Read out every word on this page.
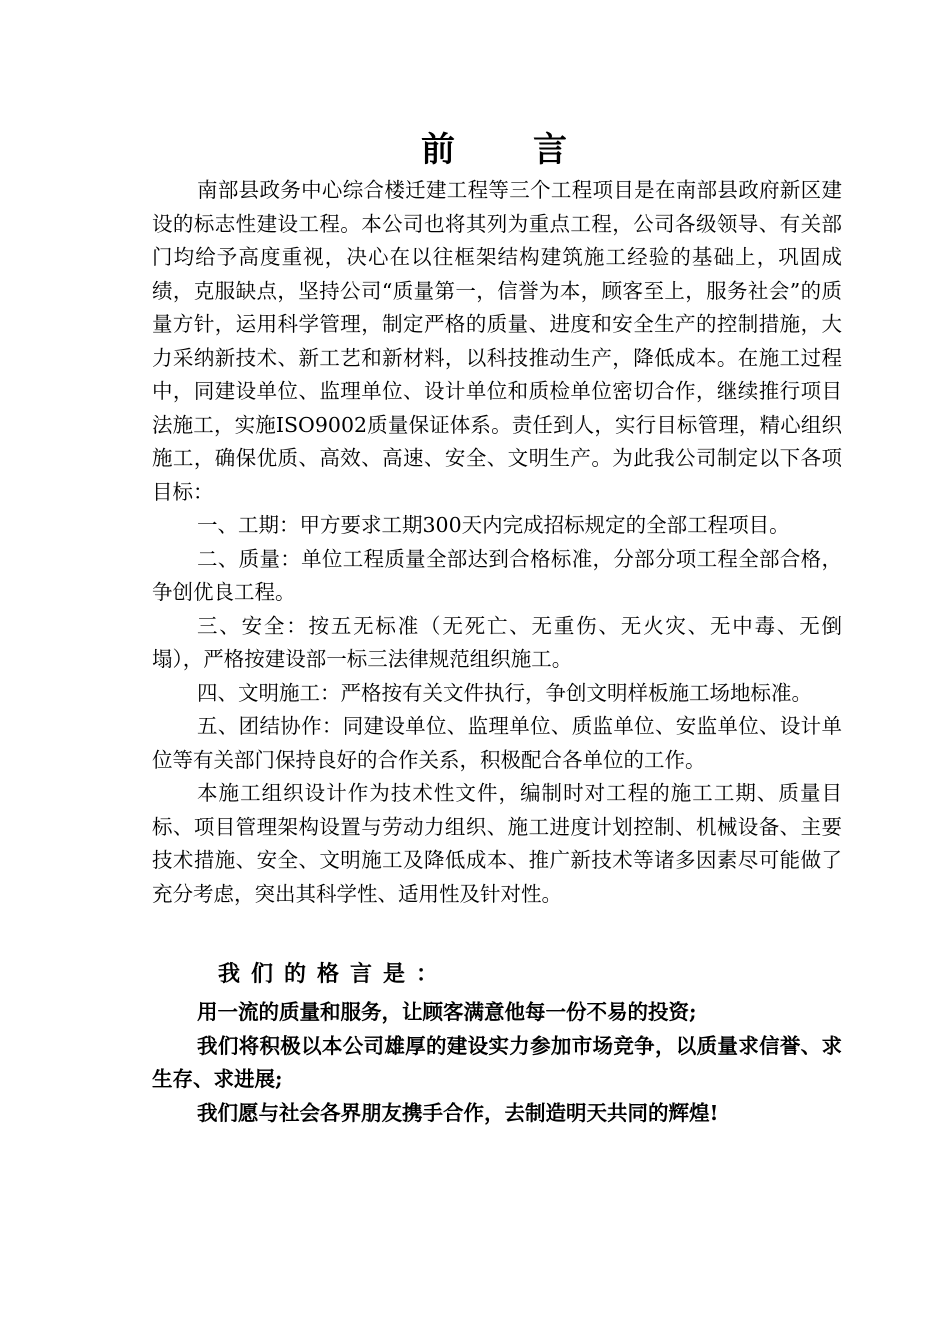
前言

南部县政务中心综合楼迁建工程等三个工程项目是在南部县政府新区建设的标志性建设工程。本公司也将其列为重点工程，公司各级领导、有关部门均给予高度重视，决心在以往框架结构建筑施工经验的基础上，巩固成绩，克服缺点，坚持公司“质量第一，信誉为本，顾客至上，服务社会”的质量方针，运用科学管理，制定严格的质量、进度和安全生产的控制措施，大力采纳新技术、新工艺和新材料，以科技推动生产，降低成本。在施工过程中，同建设单位、监理单位、设计单位和质检单位密切合作，继续推行项目法施工，实施ISO9002质量保证体系。责任到人，实行目标管理，精心组织施工，确保优质、高效、高速、安全、文明生产。为此我公司制定以下各项目标：

一、工期：甲方要求工期300天内完成招标规定的全部工程项目。

二、质量：单位工程质量全部达到合格标准，分部分项工程全部合格，争创优良工程。

三、安全：按五无标准（无死亡、无重伤、无火灾、无中毒、无倒塌），严格按建设部一标三法律规范组织施工。

四、文明施工：严格按有关文件执行，争创文明样板施工场地标准。

五、团结协作：同建设单位、监理单位、质监单位、安监单位、设计单位等有关部门保持良好的合作关系，积极配合各单位的工作。

本施工组织设计作为技术性文件，编制时对工程的施工工期、质量目标、项目管理架构设置与劳动力组织、施工进度计划控制、机械设备、主要技术措施、安全、文明施工及降低成本、推广新技术等诸多因素尽可能做了充分考虑，突出其科学性、适用性及针对性。

我们的格言是：

用一流的质量和服务，让顾客满意他每一份不易的投资;

我们将积极以本公司雄厚的建设实力参加市场竞争，以质量求信誉、求生存、求进展;

我们愿与社会各界朋友携手合作，去制造明天共同的辉煌!
